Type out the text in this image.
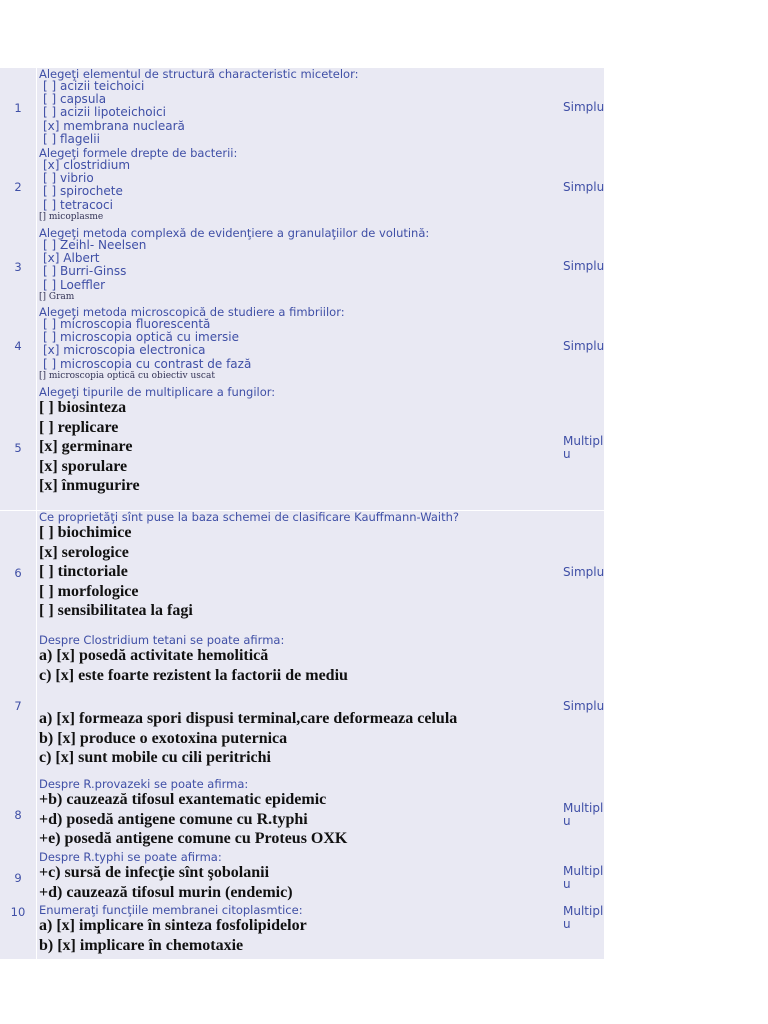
1
Alegeţi elementul de structură characteristic micetelor:
[ ] acizii teichoici
[ ] capsula
[ ] acizii lipoteichoici
[x] membrana nucleară
[ ] flagelii
Simplu
2
Alegeţi formele drepte de bacterii:
[x] clostridium
[ ] vibrio
[ ] spirochete
[ ] tetracoci
[] micoplasme
Simplu
3
Alegeţi metoda complexă de evidenţiere a granulaţiilor de volutină:
[ ] Zeihl- Neelsen
[x] Albert
[ ] Burri-Ginss
[ ] Loeffler
[] Gram
Simplu
4
Alegeţi metoda microscopică de studiere a fimbriilor:
[ ] microscopia fluorescentă
[ ] microscopia optică cu imersie
[x] microscopia electronica
[ ] microscopia cu contrast de fază
[] microscopia optică cu obiectiv uscat
Simplu
5
Alegeţi tipurile de multiplicare a fungilor:
[ ] biosinteza
[ ] replicare
[x] germinare
[x] sporulare
[x] înmugurire
Multipl
u
6
Ce proprietăţi sînt puse la baza schemei de clasificare Kauffmann-Waith?
[ ] biochimice
[x] serologice
[ ] tinctoriale
[ ] morfologice
[ ] sensibilitatea la fagi
Simplu
7
Despre Clostridium tetani se poate afirma:
a) [x] posedă activitate hemolitică
c) [x] este foarte rezistent la factorii de mediu
a) [x] formeaza spori dispusi terminal,care deformeaza celula
b) [x] produce o exotoxina puternica
c) [x] sunt mobile cu cili peritrichi
Simplu
8
Despre R.provazeki se poate afirma:
+b) cauzează tifosul exantematic epidemic
+d) posedă antigene comune cu R.typhi
+e) posedă antigene comune cu Proteus OXK
Multipl
u
9
Despre R.typhi se poate afirma:
+c) sursă de infecţie sînt şobolanii
+d) cauzează tifosul murin (endemic)
Multipl
u
10	Enumeraţi funcţiile membranei citoplasmtice:
a) [x] implicare în sinteza fosfolipidelor
b) [x] implicare în chemotaxie
Multipl
u
